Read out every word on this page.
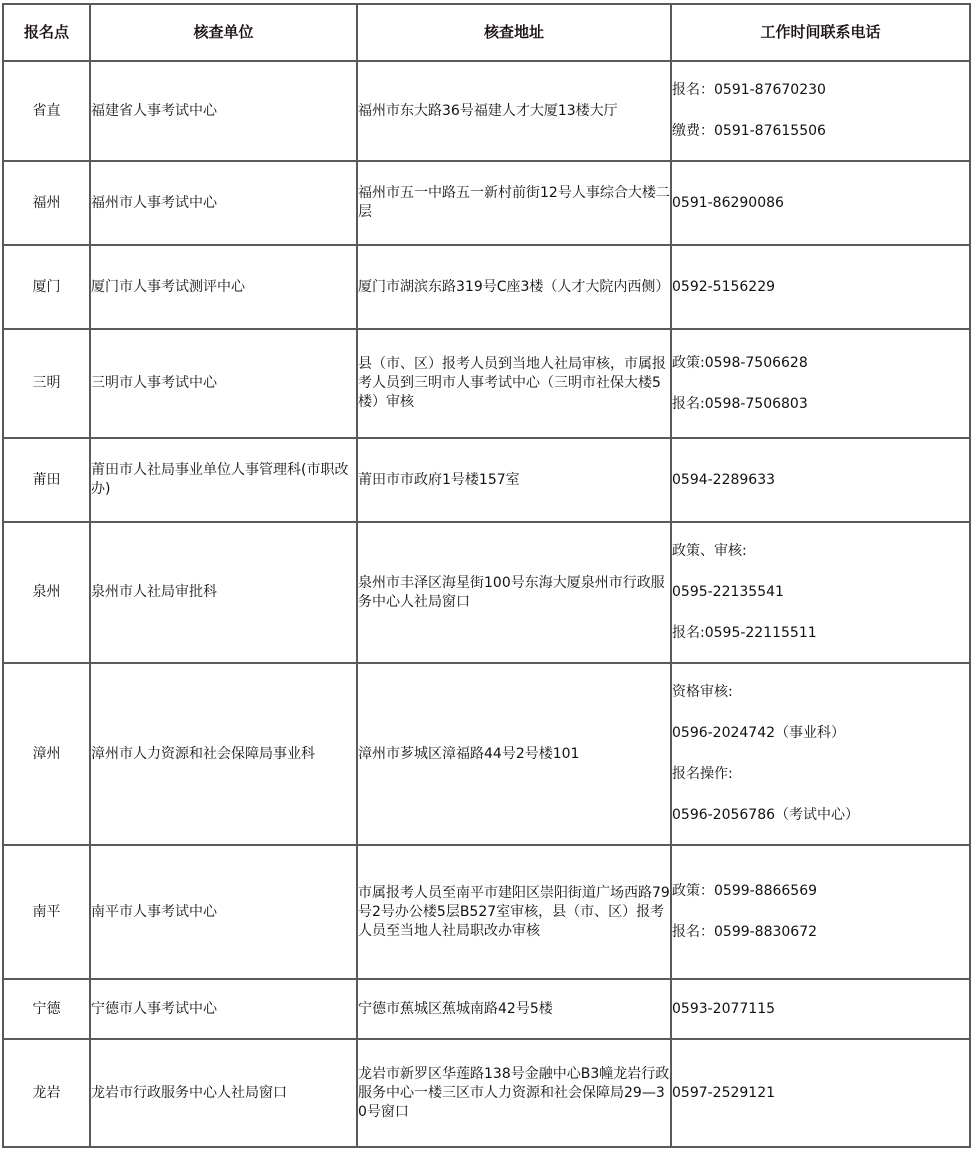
报名点	核查单位	核查地址	工作时间联系电话
省直	福建省人事考试中心	福州市东大路36号福建人才大厦13楼大厅	报名：0591-87670230
缴费：0591-87615506

福州	福州市人事考试中心	福州市五一中路五一新村前街12号人事综合大楼二层	0591-86290086

厦门	厦门市人事考试测评中心	厦门市湖滨东路319号C座3楼（人才大院内西侧）	0592-5156229

三明	三明市人事考试中心	县（市、区）报考人员到当地人社局审核，市属报考人员到三明市人事考试中心（三明市社保大楼5楼）审核	政策:0598-7506628
报名:0598-7506803

莆田	莆田市人社局事业单位人事管理科(市职改办)	莆田市市政府1号楼157室	0594-2289633

泉州	泉州市人社局审批科	泉州市丰泽区海星街100号东海大厦泉州市行政服务中心人社局窗口	政策、审核:
0595-22135541
报名:0595-22115511

漳州	漳州市人力资源和社会保障局事业科	漳州市芗城区漳福路44号2号楼101	资格审核:
0596-2024742（事业科）
报名操作:
0596-2056786（考试中心）

南平	南平市人事考试中心	市属报考人员至南平市建阳区崇阳街道广场西路79号2号办公楼5层B527室审核，县（市、区）报考人员至当地人社局职改办审核	政策：0599-8866569
报名：0599-8830672

宁德	宁德市人事考试中心	宁德市蕉城区蕉城南路42号5楼	0593-2077115

龙岩	龙岩市行政服务中心人社局窗口	龙岩市新罗区华莲路138号金融中心B3幢龙岩行政服务中心一楼三区市人力资源和社会保障局29—30号窗口	0597-2529121
